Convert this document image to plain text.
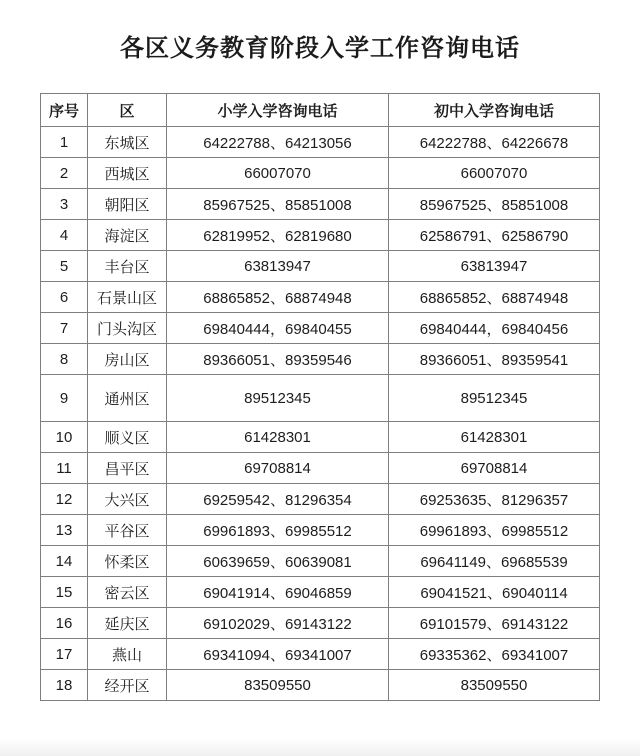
各区义务教育阶段入学工作咨询电话
序号	区	小学入学咨询电话	初中入学咨询电话
1	东城区	64222788、64213056	64222788、64226678
2	西城区	66007070	66007070
3	朝阳区	85967525、85851008	85967525、85851008
4	海淀区	62819952、62819680	62586791、62586790
5	丰台区	63813947	63813947
6	石景山区	68865852、68874948	68865852、68874948
7	门头沟区	69840444，69840455	69840444，69840456
8	房山区	89366051、89359546	89366051、89359541
9	通州区	89512345	89512345
10	顺义区	61428301	61428301
11	昌平区	69708814	69708814
12	大兴区	69259542、81296354	69253635、81296357
13	平谷区	69961893、69985512	69961893、69985512
14	怀柔区	60639659、60639081	69641149、69685539
15	密云区	69041914、69046859	69041521、69040114
16	延庆区	69102029、69143122	69101579、69143122
17	燕山	69341094、69341007	69335362、69341007
18	经开区	83509550	83509550
